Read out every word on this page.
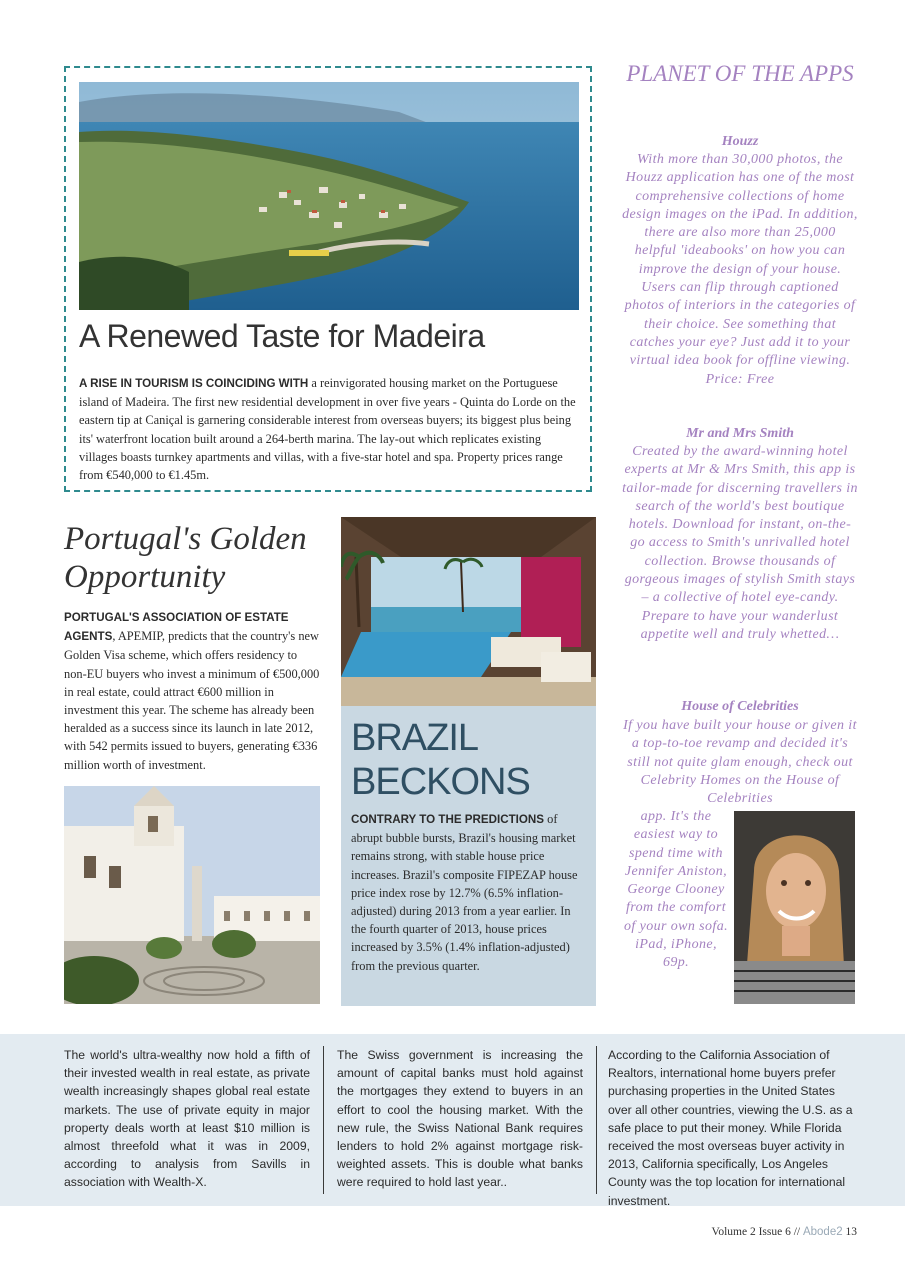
A Renewed Taste for Madeira
A RISE IN TOURISM IS COINCIDING WITH a reinvigorated housing market on the Portuguese island of Madeira. The first new residential development in over five years - Quinta do Lorde on the eastern tip at Caniçal is garnering considerable interest from overseas buyers; its biggest plus being its' waterfront location built around a 264-berth marina. The lay-out which replicates existing villages boasts turnkey apartments and villas, with a five-star hotel and spa. Property prices range from €540,000 to €1.45m.
Portugal's Golden Opportunity
PORTUGAL'S ASSOCIATION OF ESTATE AGENTS, APEMIP, predicts that the country's new Golden Visa scheme, which offers residency to non-EU buyers who invest a minimum of €500,000 in real estate, could attract €600 million in investment this year. The scheme has already been heralded as a success since its launch in late 2012, with 542 permits issued to buyers, generating €336 million worth of investment.
BRAZIL
BECKONS
CONTRARY TO THE PREDICTIONS of abrupt bubble bursts, Brazil's housing market remains strong, with stable house price increases. Brazil's composite FIPEZAP house price index rose by 12.7% (6.5% inflation-adjusted) during 2013 from a year earlier. In the fourth quarter of 2013, house prices increased by 3.5% (1.4% inflation-adjusted) from the previous quarter.
PLANET OF THE APPS
Houzz
With more than 30,000 photos, the Houzz application has one of the most comprehensive collections of home design images on the iPad. In addition, there are also more than 25,000 helpful 'ideabooks' on how you can improve the design of your house. Users can flip through captioned photos of interiors in the categories of their choice. See something that catches your eye? Just add it to your virtual idea book for offline viewing. Price: Free
Mr and Mrs Smith
Created by the award-winning hotel experts at Mr & Mrs Smith, this app is tailor-made for discerning travellers in search of the world's best boutique hotels. Download for instant, on-the-go access to Smith's unrivalled hotel collection. Browse thousands of gorgeous images of stylish Smith stays – a collective of hotel eye-candy. Prepare to have your wanderlust appetite well and truly whetted…
House of Celebrities
If you have built your house or given it a top-to-toe revamp and decided it's still not quite glam enough, check out Celebrity Homes on the House of Celebrities
app. It's the easiest way to spend time with Jennifer Aniston, George Clooney from the comfort of your own sofa. iPad, iPhone, 69p.
The world's ultra-wealthy now hold a fifth of their invested wealth in real estate, as private wealth increasingly shapes global real estate markets. The use of private equity in major property deals worth at least $10 million is almost threefold what it was in 2009, according to analysis from Savills in association with Wealth-X.
The Swiss government is increasing the amount of capital banks must hold against the mortgages they extend to buyers in an effort to cool the housing market. With the new rule, the Swiss National Bank requires lenders to hold 2% against mortgage risk-weighted assets. This is double what banks were required to hold last year..
According to the California Association of Realtors, international home buyers prefer purchasing properties in the United States over all other countries, viewing the U.S. as a safe place to put their money. While Florida received the most overseas buyer activity in 2013, California specifically, Los Angeles County was the top location for international investment.
Volume 2 Issue 6 // Abode2 13
